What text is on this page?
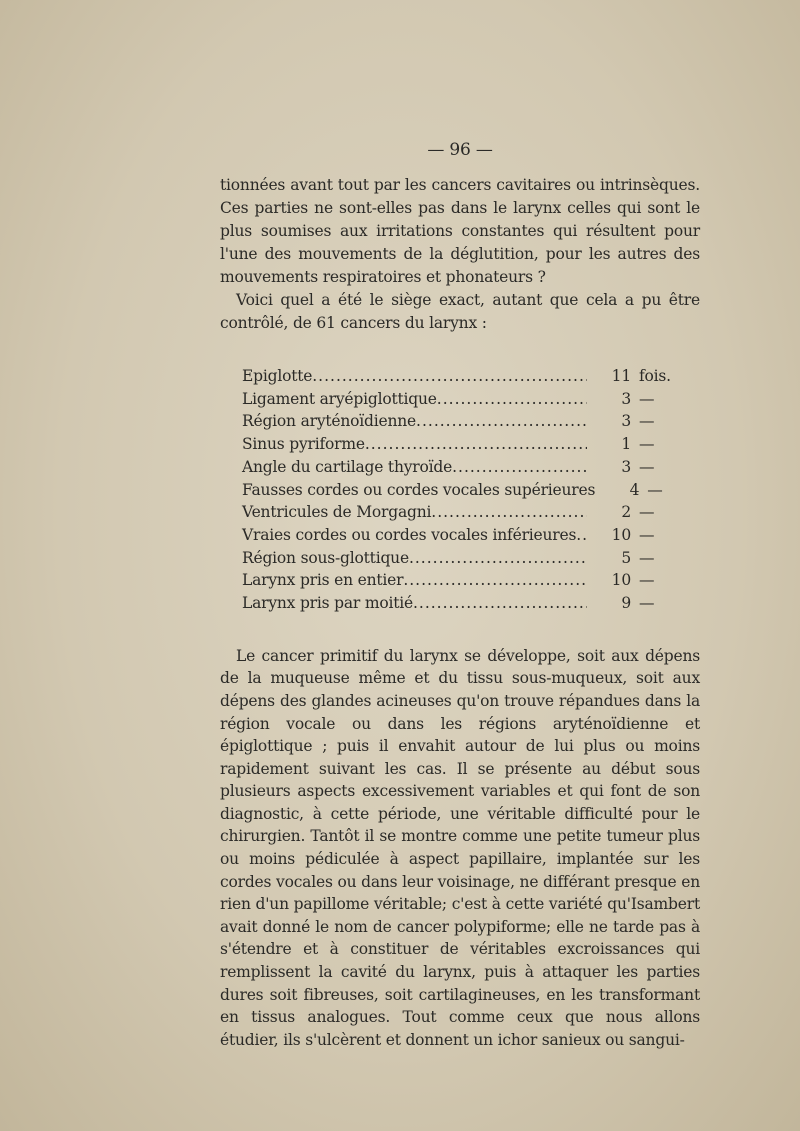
— 96 —

tionnées avant tout par les cancers cavitaires ou intrinsèques. Ces parties ne sont-elles pas dans le larynx celles qui sont le plus soumises aux irritations constantes qui résultent pour l'une des mouvements de la déglutition, pour les autres des mouvements respiratoires et phonateurs ?

Voici quel a été le siège exact, autant que cela a pu être contrôlé, de 61 cancers du larynx :

Epiglotte .....	11 fois.
Ligament aryépiglottique .....	3 —
Région aryténoïdienne .....	3 —
Sinus pyriforme .....	1 —
Angle du cartilage thyroïde .....	3 —
Fausses cordes ou cordes vocales supérieures	4 —
Ventricules de Morgagni .....	2 —
Vraies cordes ou cordes vocales inférieures .....	10 —
Région sous-glottique .....	5 —
Larynx pris en entier .....	10 —
Larynx pris par moitié .....	9 —

Le cancer primitif du larynx se développe, soit aux dépens de la muqueuse même et du tissu sous-muqueux, soit aux dépens des glandes acineuses qu'on trouve répandues dans la région vocale ou dans les régions aryténoïdienne et épiglottique ; puis il envahit autour de lui plus ou moins rapidement suivant les cas. Il se présente au début sous plusieurs aspects excessivement variables et qui font de son diagnostic, à cette période, une véritable difficulté pour le chirurgien. Tantôt il se montre comme une petite tumeur plus ou moins pédiculée à aspect papillaire, implantée sur les cordes vocales ou dans leur voisinage, ne différant presque en rien d'un papillome véritable; c'est à cette variété qu'Isambert avait donné le nom de cancer polypiforme; elle ne tarde pas à s'étendre et à constituer de véritables excroissances qui remplissent la cavité du larynx, puis à attaquer les parties dures soit fibreuses, soit cartilagineuses, en les transformant en tissus analogues. Tout comme ceux que nous allons étudier, ils s'ulcèrent et donnent un ichor sanieux ou sangui-
